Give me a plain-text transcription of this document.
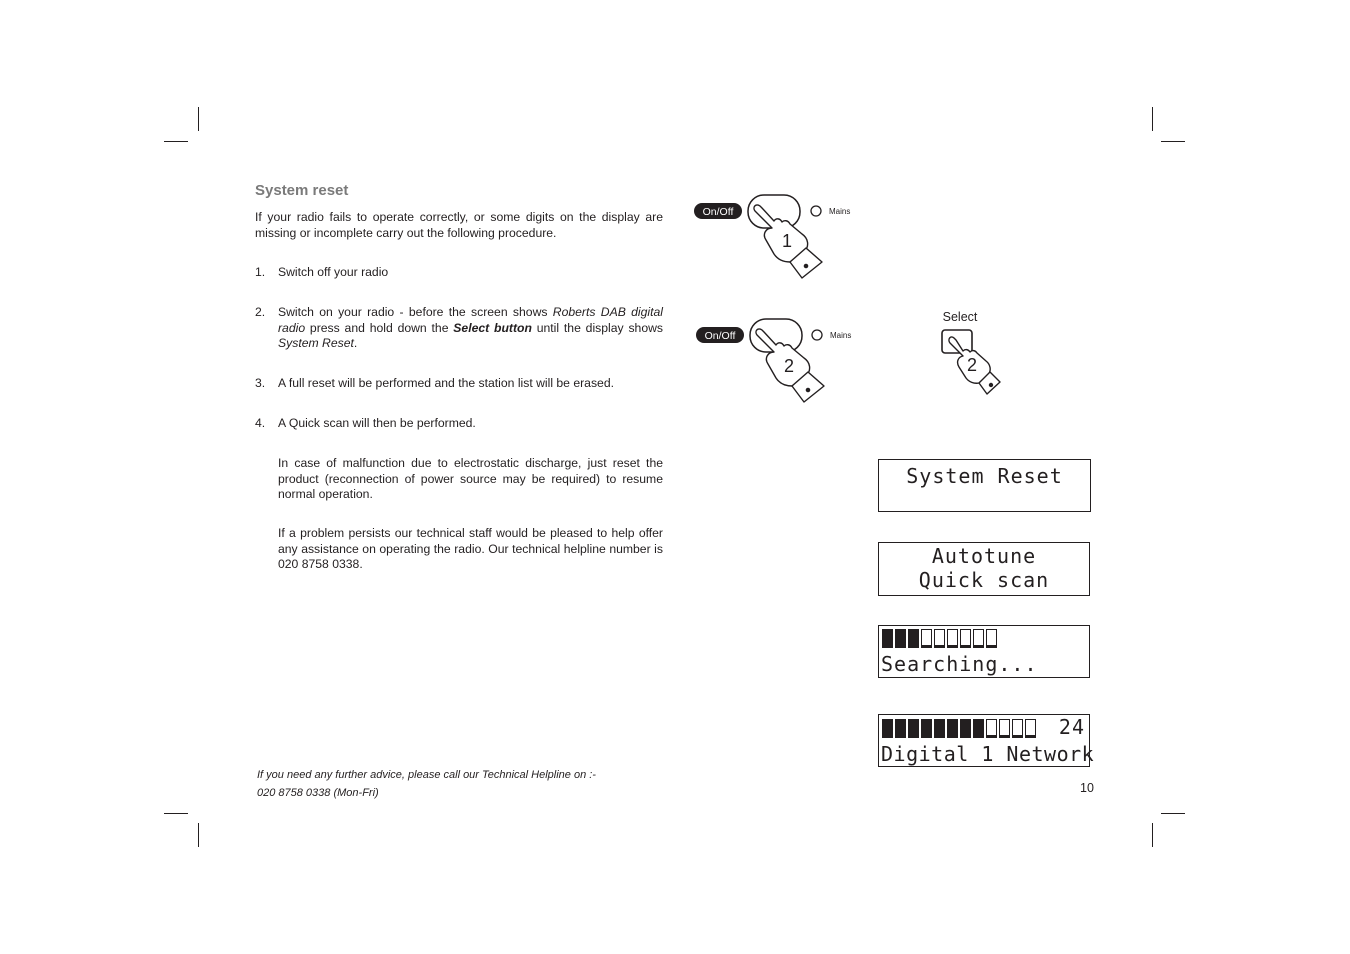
System reset

If your radio fails to operate correctly, or some digits on the display are missing or incomplete carry out the following procedure.

1. Switch off your radio
2. Switch on your radio - before the screen shows Roberts DAB digital radio press and hold down the Select button until the display shows System Reset.
3. A full reset will be performed and the station list will be erased.
4. A Quick scan will then be performed.

In case of malfunction due to electrostatic discharge, just reset the product (reconnection of power source may be required) to resume normal operation.

If a problem persists our technical staff would be pleased to help offer any assistance on operating the radio. Our technical helpline number is 020 8758 0338.

If you need any further advice, please call our Technical Helpline on :-
020 8758 0338 (Mon-Fri)	10
On/Off	Mains
1
On/Off	Mains
2
Select
2
System Reset
Autotune
Quick scan
Searching...
24
Digital 1 Network
